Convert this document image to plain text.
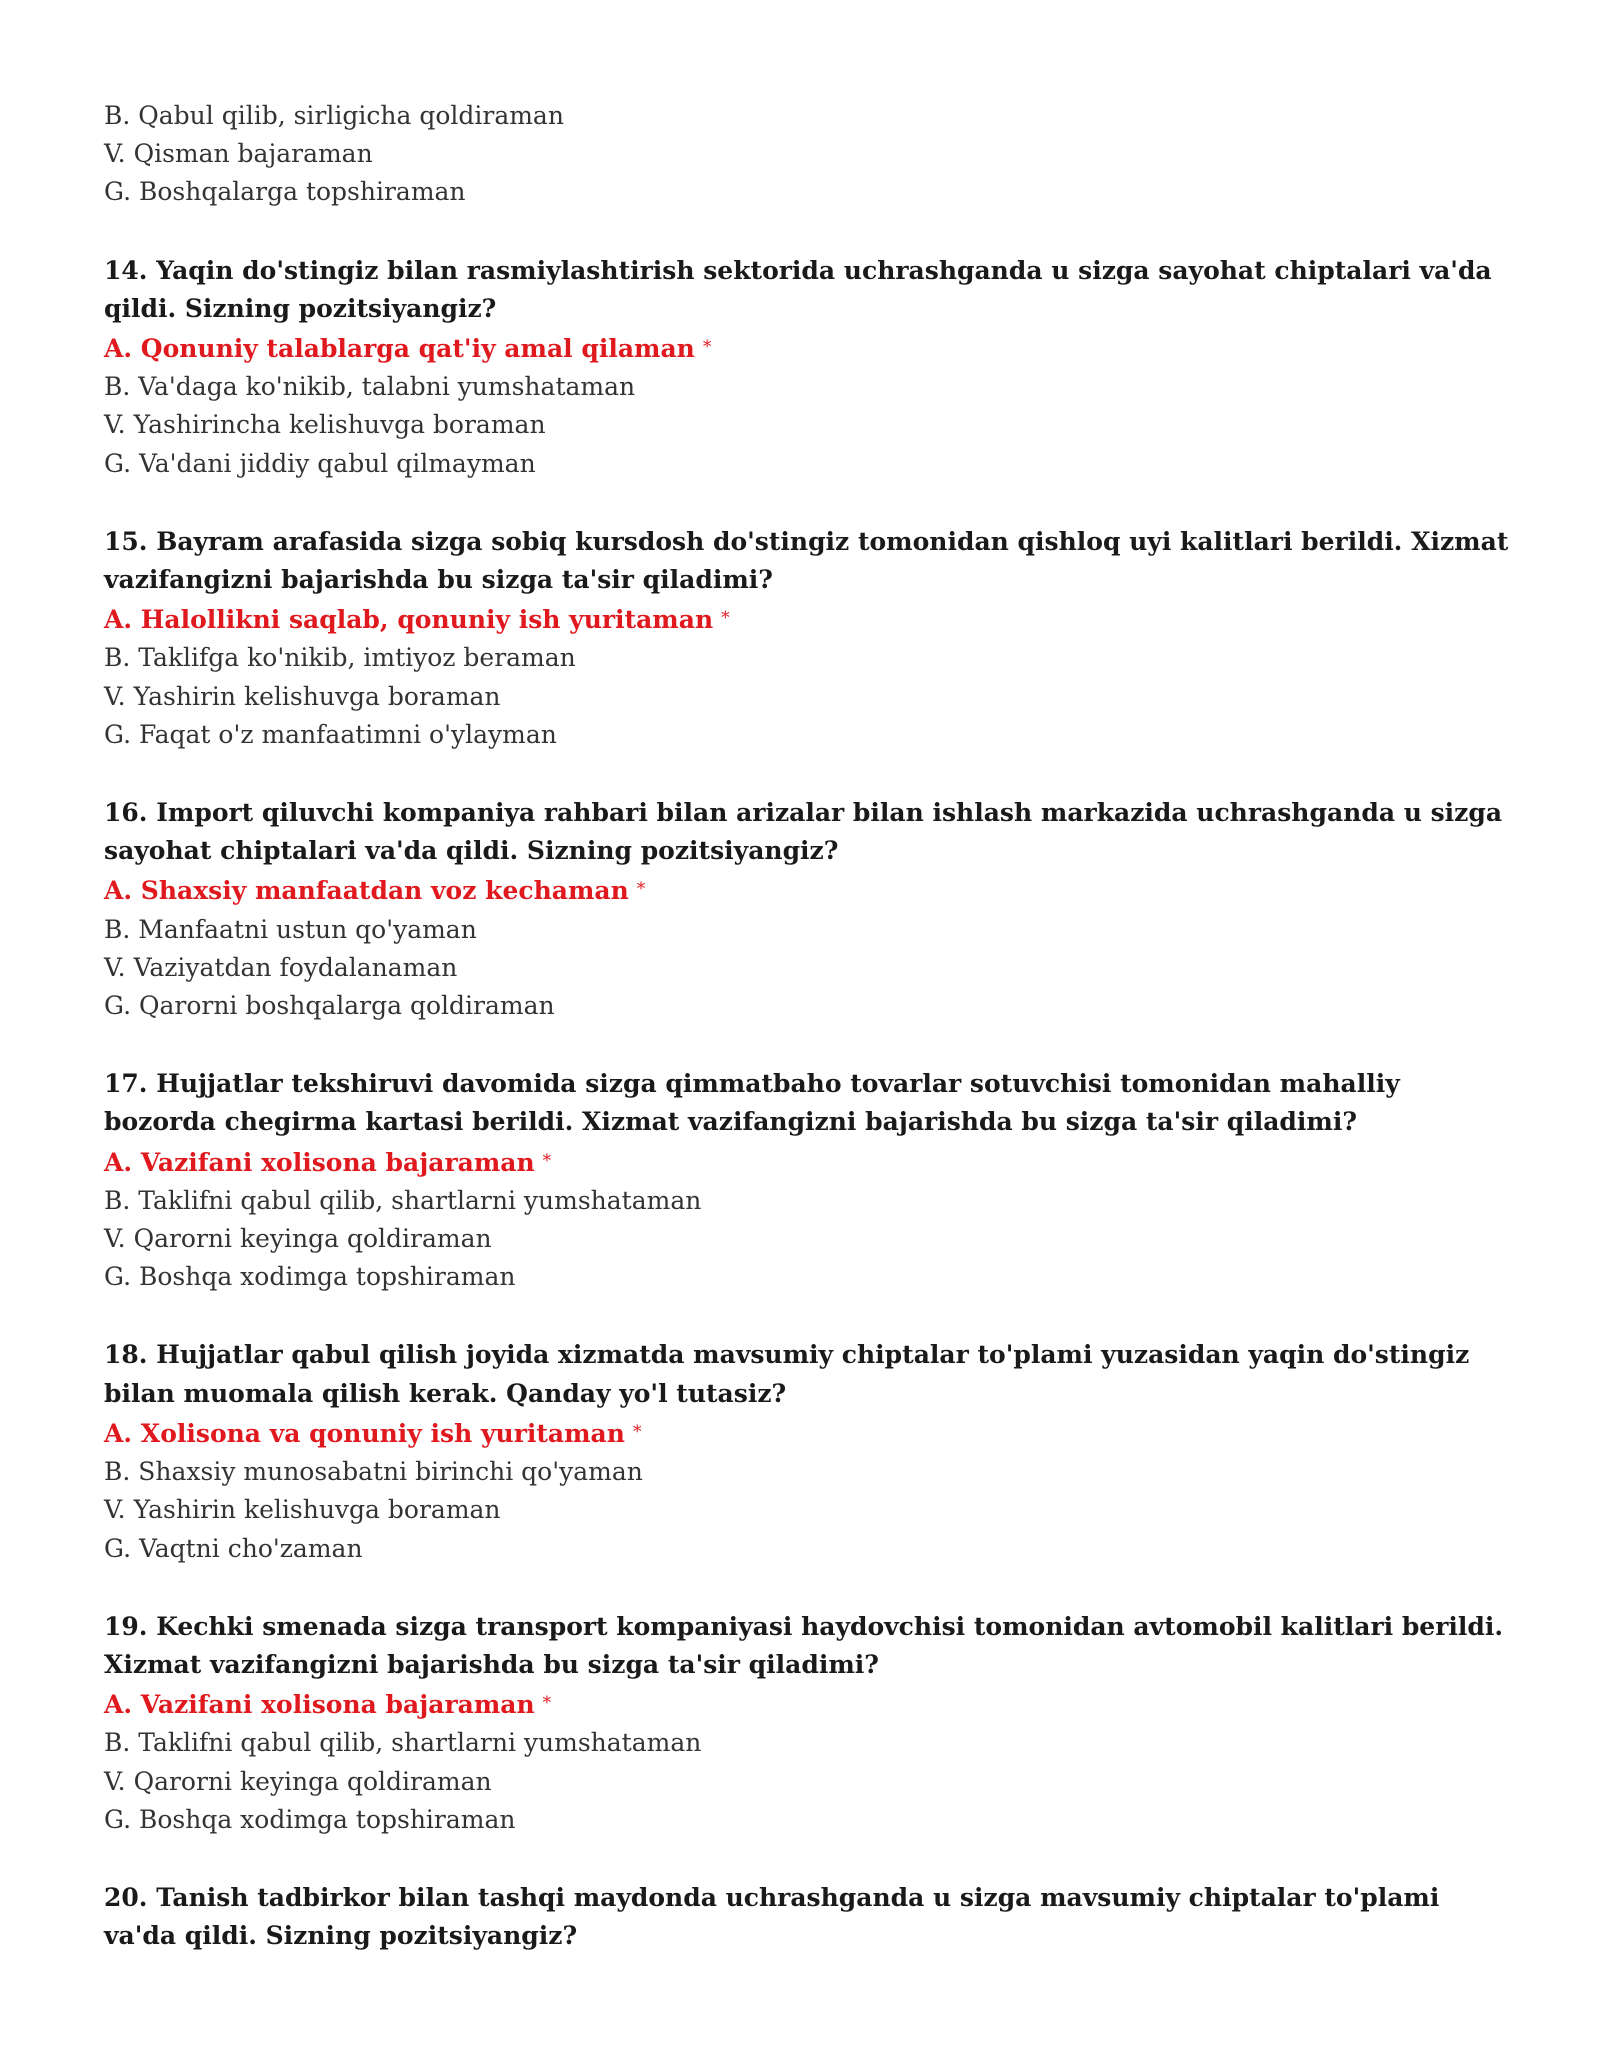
B. Qabul qilib, sirligicha qoldiraman
V. Qisman bajaraman
G. Boshqalarga topshiraman
14. Yaqin do'stingiz bilan rasmiylashtirish sektorida uchrashganda u sizga sayohat chiptalari va'da qildi. Sizning pozitsiyangiz?
A. Qonuniy talablarga qat'iy amal qilaman *
B. Va'daga ko'nikib, talabni yumshataman
V. Yashirincha kelishuvga boraman
G. Va'dani jiddiy qabul qilmayman
15. Bayram arafasida sizga sobiq kursdosh do'stingiz tomonidan qishloq uyi kalitlari berildi. Xizmat vazifangizni bajarishda bu sizga ta'sir qiladimi?
A. Halollikni saqlab, qonuniy ish yuritaman *
B. Taklifga ko'nikib, imtiyoz beraman
V. Yashirin kelishuvga boraman
G. Faqat o'z manfaatimni o'ylayman
16. Import qiluvchi kompaniya rahbari bilan arizalar bilan ishlash markazida uchrashganda u sizga sayohat chiptalari va'da qildi. Sizning pozitsiyangiz?
A. Shaxsiy manfaatdan voz kechaman *
B. Manfaatni ustun qo'yaman
V. Vaziyatdan foydalanaman
G. Qarorni boshqalarga qoldiraman
17. Hujjatlar tekshiruvi davomida sizga qimmatbaho tovarlar sotuvchisi tomonidan mahalliy bozorda chegirma kartasi berildi. Xizmat vazifangizni bajarishda bu sizga ta'sir qiladimi?
A. Vazifani xolisona bajaraman *
B. Taklifni qabul qilib, shartlarni yumshataman
V. Qarorni keyinga qoldiraman
G. Boshqa xodimga topshiraman
18. Hujjatlar qabul qilish joyida xizmatda mavsumiy chiptalar to'plami yuzasidan yaqin do'stingiz bilan muomala qilish kerak. Qanday yo'l tutasiz?
A. Xolisona va qonuniy ish yuritaman *
B. Shaxsiy munosabatni birinchi qo'yaman
V. Yashirin kelishuvga boraman
G. Vaqtni cho'zaman
19. Kechki smenada sizga transport kompaniyasi haydovchisi tomonidan avtomobil kalitlari berildi. Xizmat vazifangizni bajarishda bu sizga ta'sir qiladimi?
A. Vazifani xolisona bajaraman *
B. Taklifni qabul qilib, shartlarni yumshataman
V. Qarorni keyinga qoldiraman
G. Boshqa xodimga topshiraman
20. Tanish tadbirkor bilan tashqi maydonda uchrashganda u sizga mavsumiy chiptalar to'plami va'da qildi. Sizning pozitsiyangiz?
